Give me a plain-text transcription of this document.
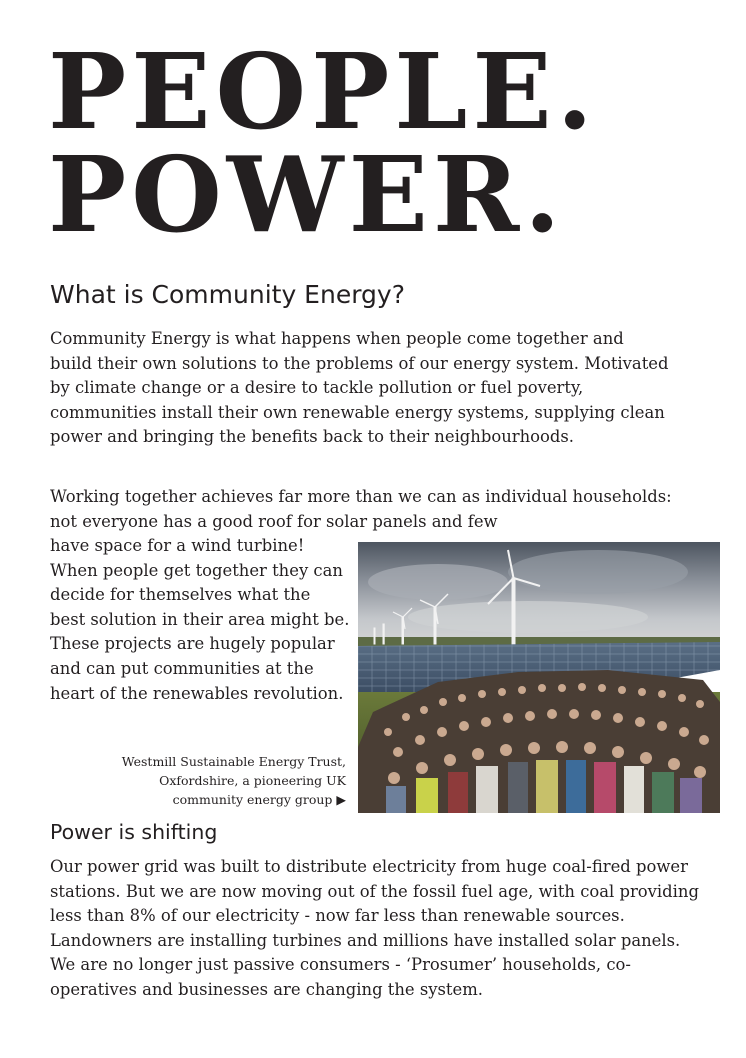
PEOPLE.
POWER.
What is Community Energy?

Community Energy is what happens when people come together and build their own solutions to the problems of our energy system. Motivated by climate change or a desire to tackle pollution or fuel poverty, communities install their own renewable energy systems, supplying clean power and bringing the benefits back to their neighbourhoods.

Working together achieves far more than we can as individual households: not everyone has a good roof for solar panels and few

have space for a wind turbine! When people get together they can decide for themselves what the best solution in their area might be. These projects are hugely popular and can put communities at the heart of the renewables revolution.

Westmill Sustainable Energy Trust,
Oxfordshire, a pioneering UK
community energy group ▶

Power is shifting

Our power grid was built to distribute electricity from huge coal-fired power stations. But we are now moving out of the fossil fuel age, with coal providing less than 8% of our electricity - now far less than renewable sources. Landowners are installing turbines and millions have installed solar panels. We are no longer just passive consumers - ‘Prosumer’ households, co-operatives and businesses are changing the system.
